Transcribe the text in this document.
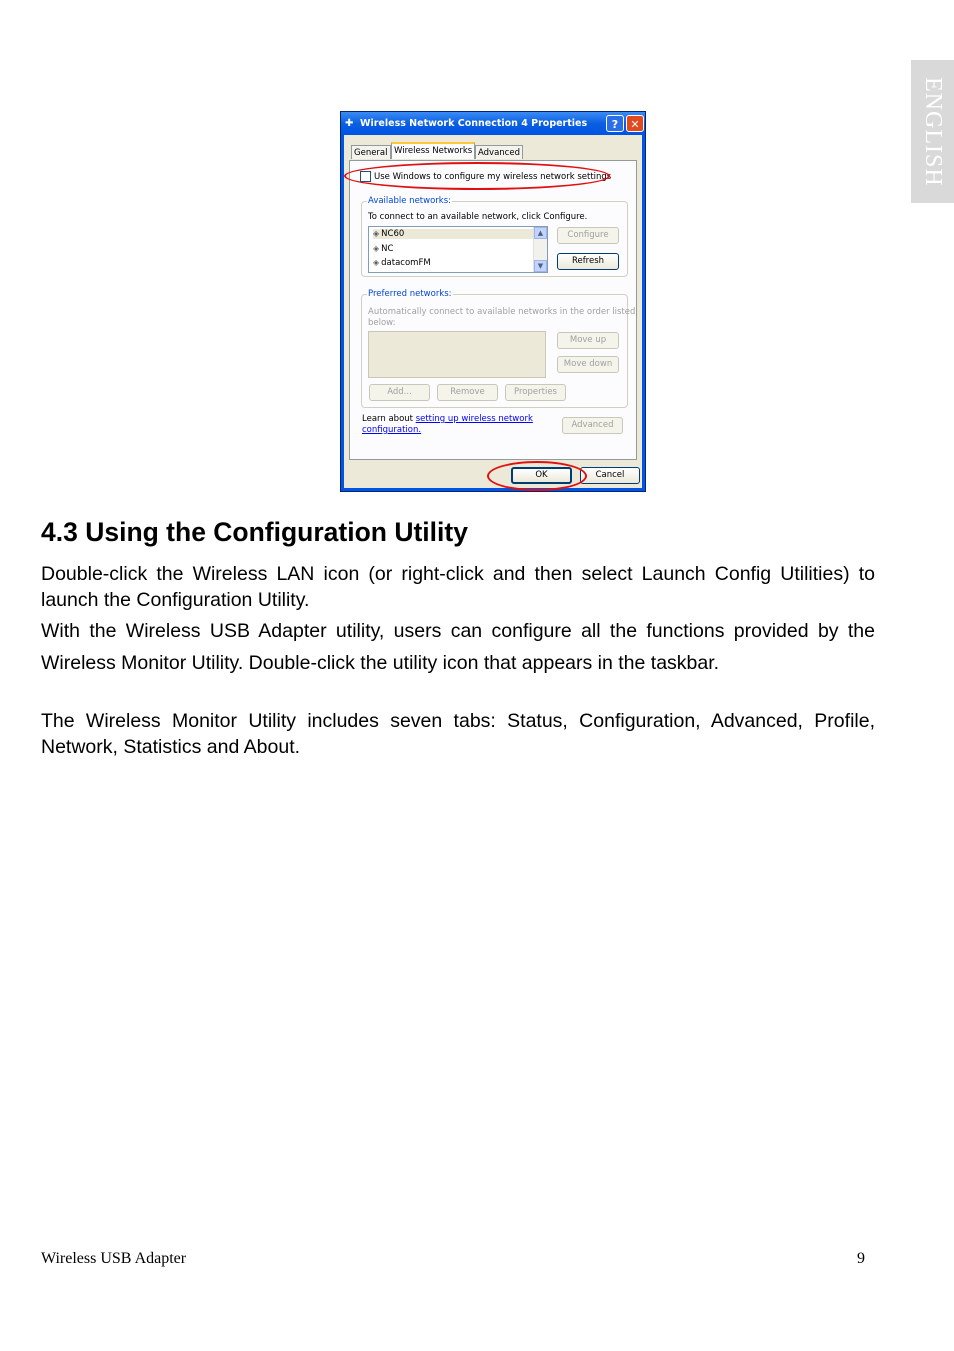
ENGLISH
✚ Wireless Network Connection 4 Properties	?	✕
General Wireless Networks Advanced
Use Windows to configure my wireless network settings
Available networks:
To connect to an available network, click Configure.
◈ NC60
◈ NC
◈ datacomFM
▲
▼
Configure
Refresh
Preferred networks:
Automatically connect to available networks in the order listed
below:
Move up
Move down
Add...	Remove	Properties
Learn about setting up wireless network
configuration.	Advanced
OK	Cancel
4.3 Using the Configuration Utility

Double-click the Wireless LAN icon (or right-click and then select Launch Config Utilities) to launch the Configuration Utility.

With the Wireless USB Adapter utility, users can configure all the functions provided by the Wireless Monitor Utility. Double-click the utility icon that appears in the taskbar.

The Wireless Monitor Utility includes seven tabs: Status, Configuration, Advanced, Profile, Network, Statistics and About.

Wireless USB Adapter	9
